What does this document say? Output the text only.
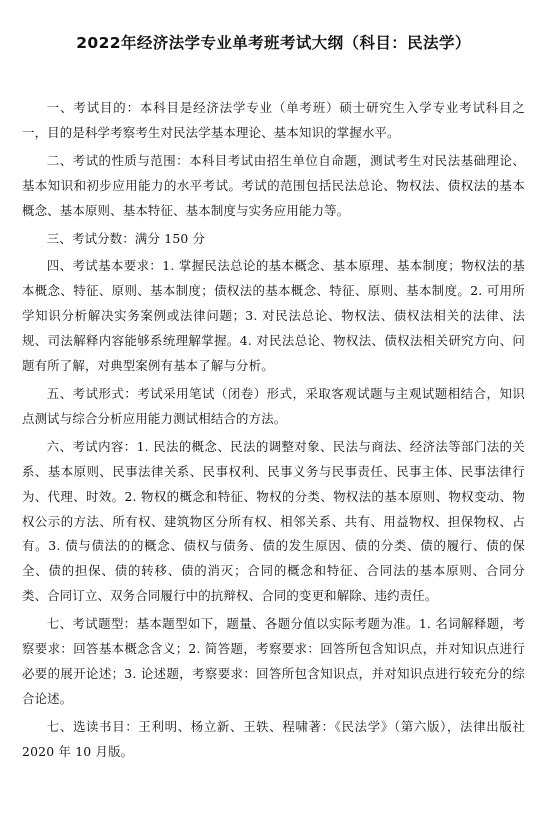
2022年经济法学专业单考班考试大纲（科目：民法学）

一、考试目的：本科目是经济法学专业（单考班）硕士研究生入学专业考试科目之一，目的是科学考察考生对民法学基本理论、基本知识的掌握水平。

二、考试的性质与范围：本科目考试由招生单位自命题，测试考生对民法基础理论、基本知识和初步应用能力的水平考试。考试的范围包括民法总论、物权法、债权法的基本概念、基本原则、基本特征、基本制度与实务应用能力等。

三、考试分数：满分 150 分

四、考试基本要求：1. 掌握民法总论的基本概念、基本原理、基本制度；物权法的基本概念、特征、原则、基本制度；债权法的基本概念、特征、原则、基本制度。2. 可用所学知识分析解决实务案例或法律问题；3. 对民法总论、物权法、债权法相关的法律、法规、司法解释内容能够系统理解掌握。4. 对民法总论、物权法、债权法相关研究方向、问题有所了解，对典型案例有基本了解与分析。

五、考试形式：考试采用笔试（闭卷）形式，采取客观试题与主观试题相结合，知识点测试与综合分析应用能力测试相结合的方法。

六、考试内容：1. 民法的概念、民法的调整对象、民法与商法、经济法等部门法的关系、基本原则、民事法律关系、民事权利、民事义务与民事责任、民事主体、民事法律行为、代理、时效。2. 物权的概念和特征、物权的分类、物权法的基本原则、物权变动、物权公示的方法、所有权、建筑物区分所有权、相邻关系、共有、用益物权、担保物权、占有。3. 债与债法的的概念、债权与债务、债的发生原因、债的分类、债的履行、债的保全、债的担保、债的转移、债的消灭；合同的概念和特征、合同法的基本原则、合同分类、合同订立、双务合同履行中的抗辩权、合同的变更和解除、违约责任。

七、考试题型：基本题型如下，题量、各题分值以实际考题为准。1. 名词解释题，考察要求：回答基本概念含义；2. 简答题，考察要求：回答所包含知识点，并对知识点进行必要的展开论述；3. 论述题，考察要求：回答所包含知识点，并对知识点进行较充分的综合论述。

七、选读书目：王利明、杨立新、王轶、程啸著：《民法学》（第六版），法律出版社 2020 年 10 月版。
